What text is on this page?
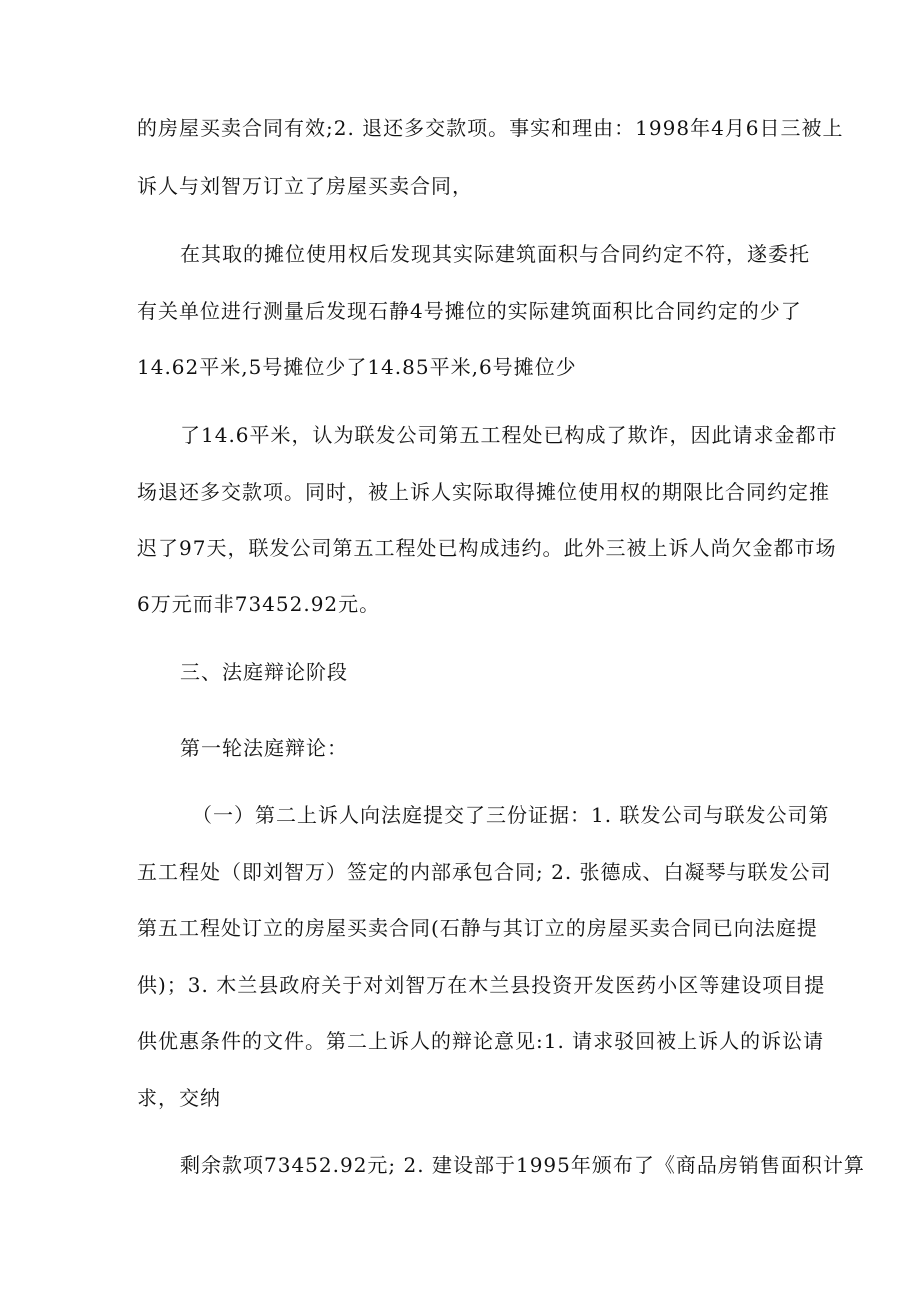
的房屋买卖合同有效;2. 退还多交款项。事实和理由：1998年4月6日三被上
诉人与刘智万订立了房屋买卖合同，
在其取的摊位使用权后发现其实际建筑面积与合同约定不符，遂委托
有关单位进行测量后发现石静4号摊位的实际建筑面积比合同约定的少了
14.62平米,5号摊位少了14.85平米,6号摊位少
了14.6平米，认为联发公司第五工程处已构成了欺诈，因此请求金都市
场退还多交款项。同时，被上诉人实际取得摊位使用权的期限比合同约定推
迟了97天，联发公司第五工程处已构成违约。此外三被上诉人尚欠金都市场
6万元而非73452.92元。
三、法庭辩论阶段
第一轮法庭辩论：
（一）第二上诉人向法庭提交了三份证据：1. 联发公司与联发公司第
五工程处（即刘智万）签定的内部承包合同; 2. 张德成、白凝琴与联发公司
第五工程处订立的房屋买卖合同(石静与其订立的房屋买卖合同已向法庭提
供)；3. 木兰县政府关于对刘智万在木兰县投资开发医药小区等建设项目提
供优惠条件的文件。第二上诉人的辩论意见:1. 请求驳回被上诉人的诉讼请
求，交纳
剩余款项73452.92元; 2. 建设部于1995年颁布了《商品房销售面积计算
